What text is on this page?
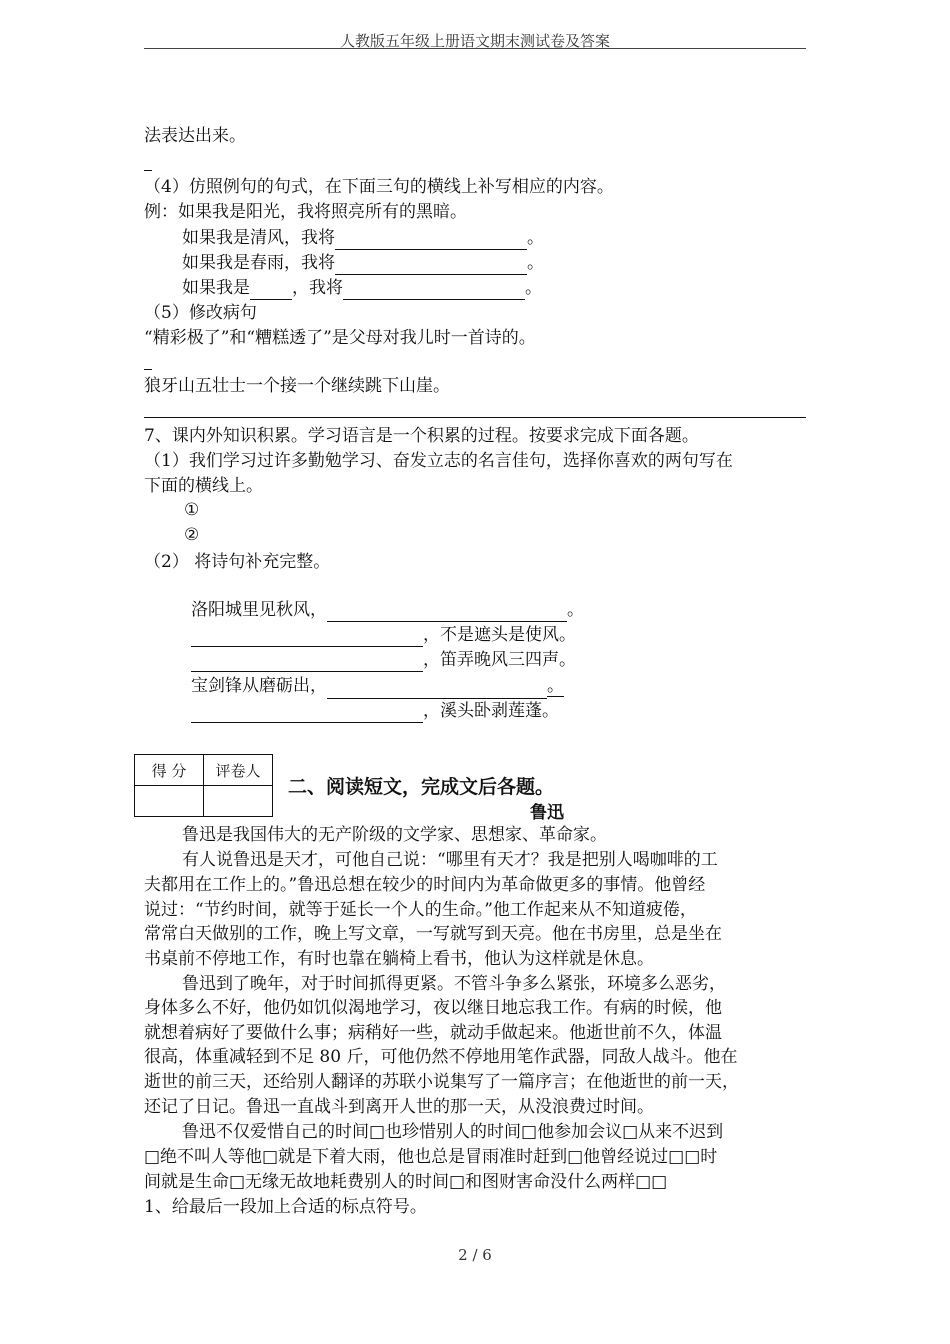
人教版五年级上册语文期末测试卷及答案
法表达出来。
（4）仿照例句的句式，在下面三句的横线上补写相应的内容。
例：如果我是阳光，我将照亮所有的黑暗。
如果我是清风，我将	。
如果我是春雨，我将	。
如果我是 ，我将	。
（5）修改病句
“精彩极了”和“糟糕透了”是父母对我儿时一首诗的。
狼牙山五壮士一个接一个继续跳下山崖。
7、课内外知识积累。学习语言是一个积累的过程。按要求完成下面各题。
（1）我们学习过许多勤勉学习、奋发立志的名言佳句，选择你喜欢的两句写在
下面的横线上。
①
②
（2） 将诗句补充完整。
洛阳城里见秋风，	。
，不是遮头是使风。
，笛弄晚风三四声。
宝剑锋从磨砺出，	。
，溪头卧剥莲蓬。
得 分	评卷人

二、阅读短文，完成文后各题。
鲁迅
鲁迅是我国伟大的无产阶级的文学家、思想家、革命家。
有人说鲁迅是天才，可他自己说：“哪里有天才？我是把别人喝咖啡的工
夫都用在工作上的。”鲁迅总想在较少的时间内为革命做更多的事情。他曾经
说过：“节约时间，就等于延长一个人的生命。”他工作起来从不知道疲倦，
常常白天做别的工作，晚上写文章，一写就写到天亮。他在书房里，总是坐在
书桌前不停地工作，有时也靠在躺椅上看书，他认为这样就是休息。
鲁迅到了晚年，对于时间抓得更紧。不管斗争多么紧张，环境多么恶劣，
身体多么不好，他仍如饥似渴地学习，夜以继日地忘我工作。有病的时候，他
就想着病好了要做什么事；病稍好一些，就动手做起来。他逝世前不久，体温
很高，体重减轻到不足 80 斤，可他仍然不停地用笔作武器，同敌人战斗。他在
逝世的前三天，还给别人翻译的苏联小说集写了一篇序言；在他逝世的前一天，
还记了日记。鲁迅一直战斗到离开人世的那一天，从没浪费过时间。
鲁迅不仅爱惜自己的时间□也珍惜别人的时间□他参加会议□从来不迟到
□绝不叫人等他□就是下着大雨，他也总是冒雨准时赶到□他曾经说过□□时
间就是生命□无缘无故地耗费别人的时间□和图财害命没什么两样□□
1、给最后一段加上合适的标点符号。
2 / 6
